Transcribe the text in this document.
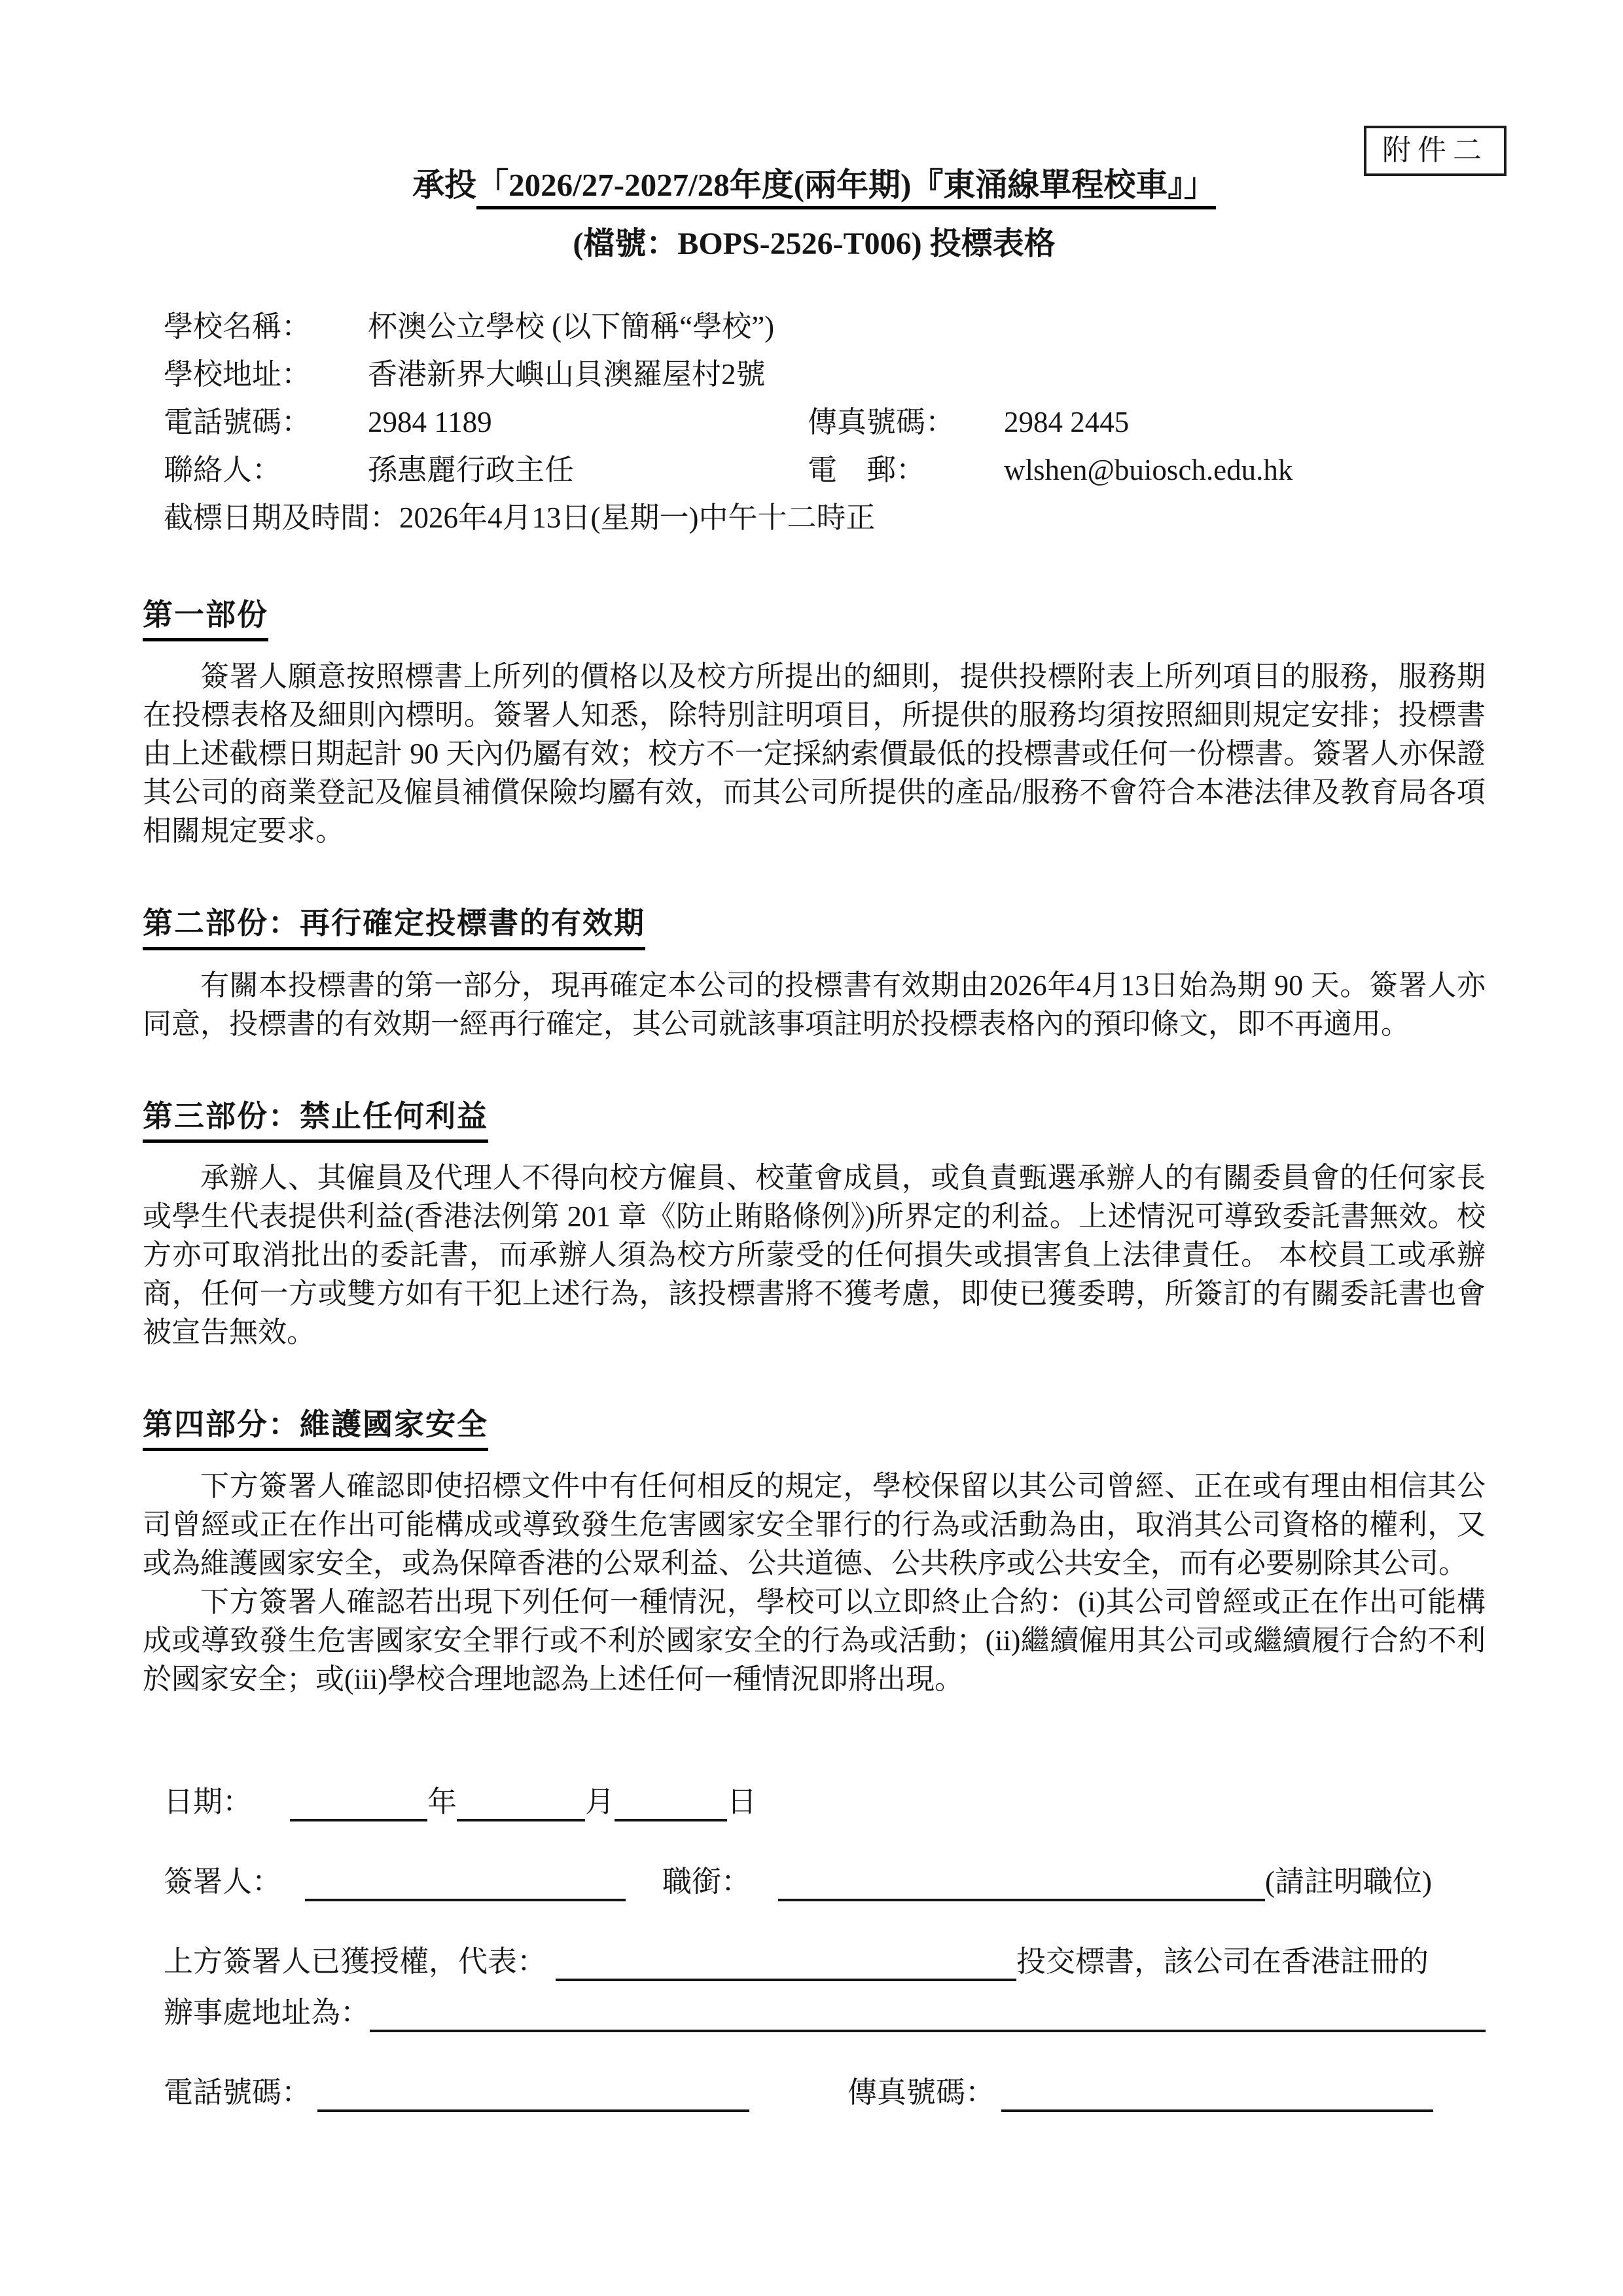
附件二
承投「2026/27-2027/28年度(兩年期)『東涌線單程校車』」
(檔號：BOPS-2526-T006) 投標表格
學校名稱：	杯澳公立學校 (以下簡稱“學校”)
學校地址：	香港新界大嶼山貝澳羅屋村2號
電話號碼：	2984 1189	傳真號碼：	2984 2445
聯絡人：	孫惠麗行政主任	電　郵：	wlshen@buiosch.edu.hk
截標日期及時間：2026年4月13日(星期一)中午十二時正
第一部份

簽署人願意按照標書上所列的價格以及校方所提出的細則，提供投標附表上所列項目的服務，服務期在投標表格及細則內標明。簽署人知悉，除特別註明項目，所提供的服務均須按照細則規定安排；投標書由上述截標日期起計 90 天內仍屬有效；校方不一定採納索價最低的投標書或任何一份標書。簽署人亦保證其公司的商業登記及僱員補償保險均屬有效，而其公司所提供的產品/服務不會符合本港法律及教育局各項相關規定要求。

第二部份：再行確定投標書的有效期

有關本投標書的第一部分，現再確定本公司的投標書有效期由2026年4月13日始為期 90 天。簽署人亦同意，投標書的有效期一經再行確定，其公司就該事項註明於投標表格內的預印條文，即不再適用。

第三部份：禁止任何利益

承辦人、其僱員及代理人不得向校方僱員、校董會成員，或負責甄選承辦人的有關委員會的任何家長或學生代表提供利益(香港法例第 201 章《防止賄賂條例》)所界定的利益。上述情況可導致委託書無效。校方亦可取消批出的委託書，而承辦人須為校方所蒙受的任何損失或損害負上法律責任。 本校員工或承辦商，任何一方或雙方如有干犯上述行為，該投標書將不獲考慮，即使已獲委聘，所簽訂的有關委託書也會被宣告無效。

第四部分：維護國家安全

下方簽署人確認即使招標文件中有任何相反的規定，學校保留以其公司曾經、正在或有理由相信其公司曾經或正在作出可能構成或導致發生危害國家安全罪行的行為或活動為由，取消其公司資格的權利，又或為維護國家安全，或為保障香港的公眾利益、公共道德、公共秩序或公共安全，而有必要剔除其公司。

下方簽署人確認若出現下列任何一種情況，學校可以立即終止合約：(i)其公司曾經或正在作出可能構成或導致發生危害國家安全罪行或不利於國家安全的行為或活動；(ii)繼續僱用其公司或繼續履行合約不利於國家安全；或(iii)學校合理地認為上述任何一種情況即將出現。

日期：	年	月	日
簽署人：	職銜：	(請註明職位)
上方簽署人已獲授權，代表：	投交標書，該公司在香港註冊的
辦事處地址為：
電話號碼：	傳真號碼：
